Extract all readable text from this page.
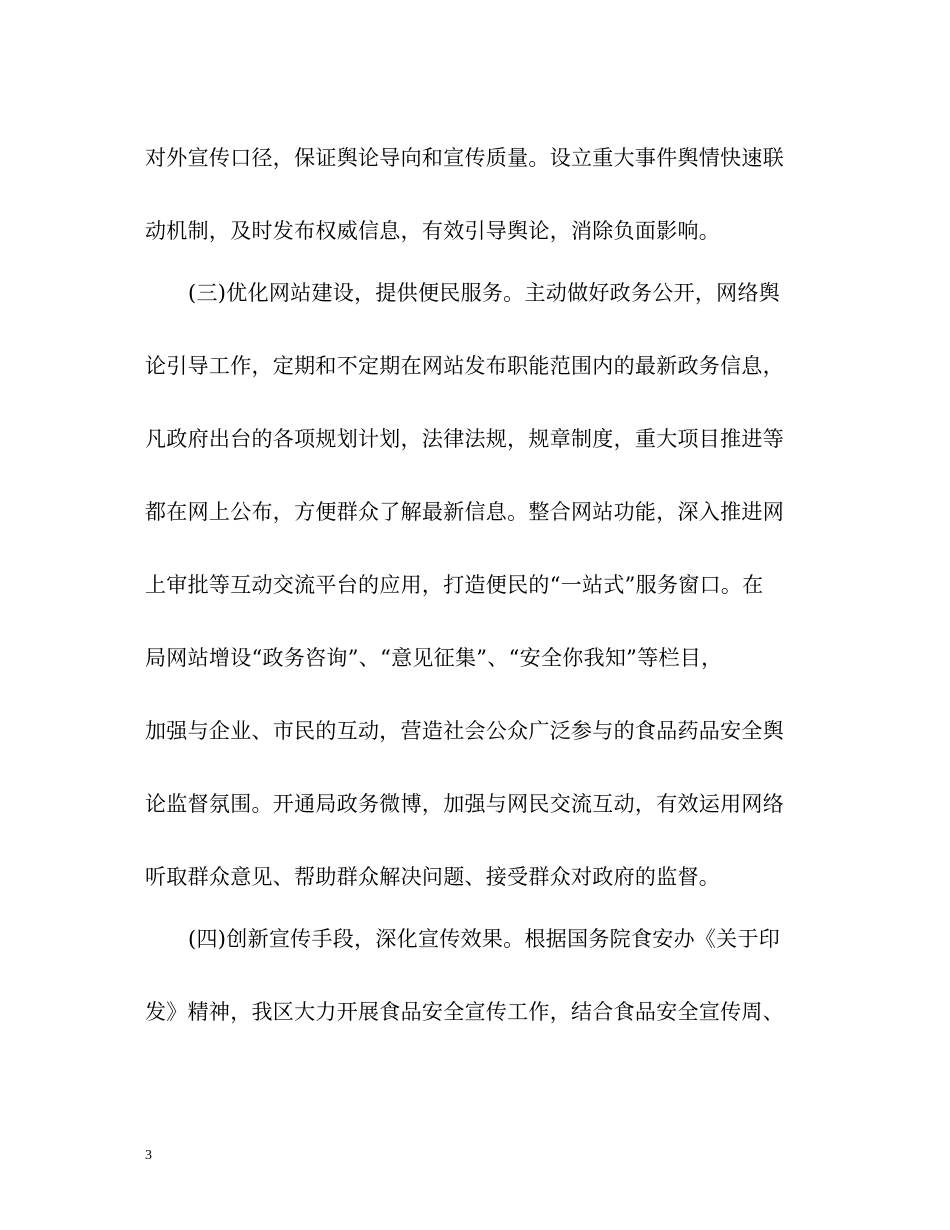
对外宣传口径，保证舆论导向和宣传质量。设立重大事件舆情快速联
动机制，及时发布权威信息，有效引导舆论，消除负面影响。
(三)优化网站建设，提供便民服务。主动做好政务公开，网络舆
论引导工作，定期和不定期在网站发布职能范围内的最新政务信息，
凡政府出台的各项规划计划，法律法规，规章制度，重大项目推进等
都在网上公布，方便群众了解最新信息。整合网站功能，深入推进网
上审批等互动交流平台的应用，打造便民的“一站式”服务窗口。在
局网站增设“政务咨询”、“意见征集”、“安全你我知”等栏目，
加强与企业、市民的互动，营造社会公众广泛参与的食品药品安全舆
论监督氛围。开通局政务微博，加强与网民交流互动，有效运用网络
听取群众意见、帮助群众解决问题、接受群众对政府的监督。
(四)创新宣传手段，深化宣传效果。根据国务院食安办《关于印
发》精神，我区大力开展食品安全宣传工作，结合食品安全宣传周、
3
